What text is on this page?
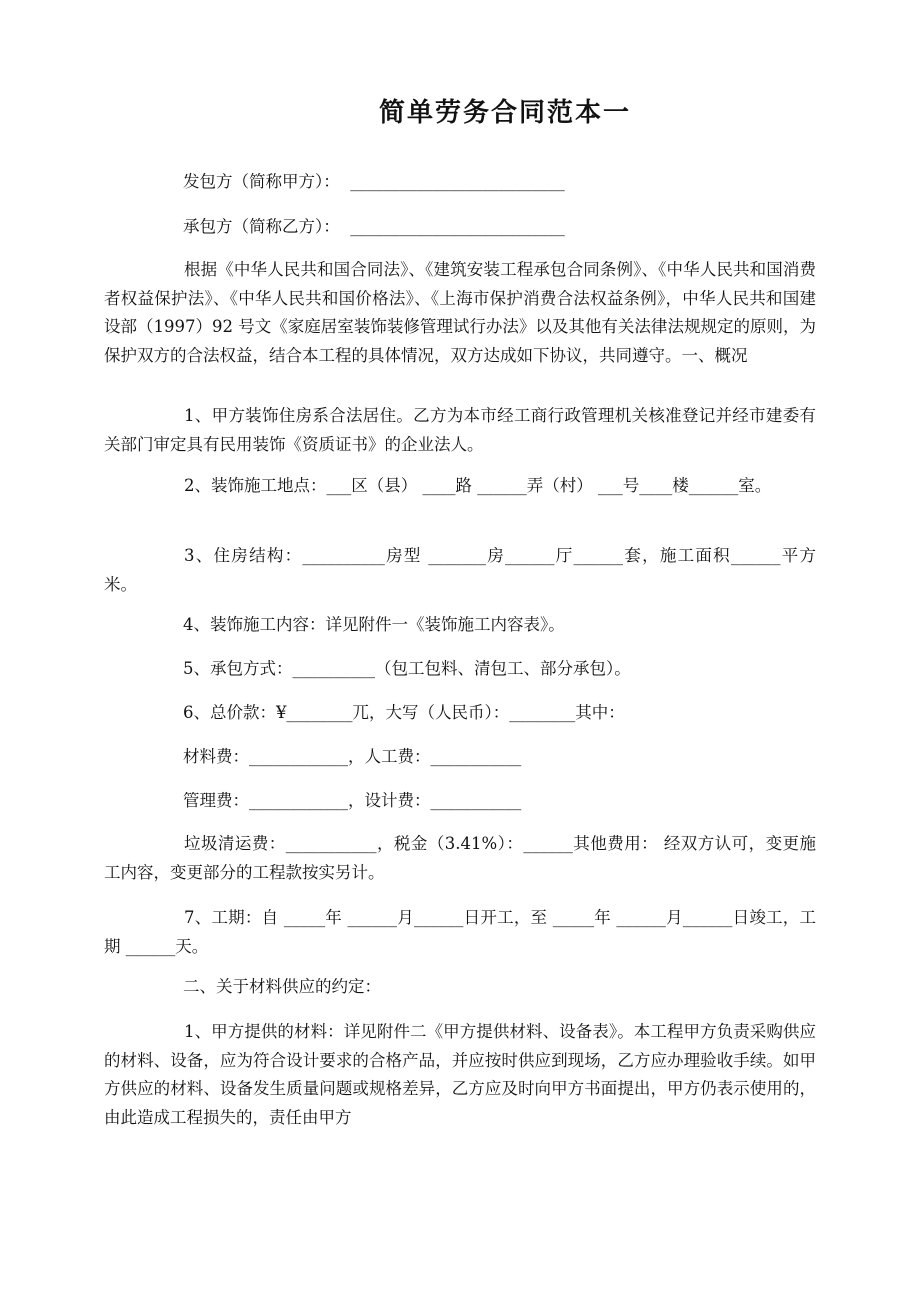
简单劳务合同范本一
发包方（简称甲方）：  __________________________
承包方（简称乙方）：  __________________________

根据《中华人民共和国合同法》、《建筑安装工程承包合同条例》、《中华人民共和国消费者权益保护法》、《中华人民共和国价格法》、《上海市保护消费合法权益条例》，中华人民共和国建设部（1997）92 号文《家庭居室装饰装修管理试行办法》以及其他有关法律法规规定的原则，为保护双方的合法权益，结合本工程的具体情况，双方达成如下协议，共同遵守。一、概况

1、甲方装饰住房系合法居住。乙方为本市经工商行政管理机关核准登记并经市建委有关部门审定具有民用装饰《资质证书》的企业法人。

2、装饰施工地点：___区（县） ____路 ______弄（村） ___号____楼______室。

3、住房结构：__________房型 _______房______厅______套，施工面积______平方米。

4、装饰施工内容：详见附件一《装饰施工内容表》。
5、承包方式：__________（包工包料、清包工、部分承包）。
6、总价款：¥________兀，大写（人民币）：________其中：
材料费：____________，人工费：___________
管理费：____________，设计费：___________

垃圾清运费：___________，税金（3.41%）：______其他费用： 经双方认可，变更施工内容，变更部分的工程款按实另计。

7、工期：自 _____年 ______月______日开工，至 _____年 ______月______日竣工，工期 ______天。

二、关于材料供应的约定：

1、甲方提供的材料：详见附件二《甲方提供材料、设备表》。本工程甲方负责采购供应的材料、设备，应为符合设计要求的合格产品，并应按时供应到现场，乙方应办理验收手续。如甲方供应的材料、设备发生质量问题或规格差异，乙方应及时向甲方书面提出，甲方仍表示使用的，由此造成工程损失的，责任由甲方
